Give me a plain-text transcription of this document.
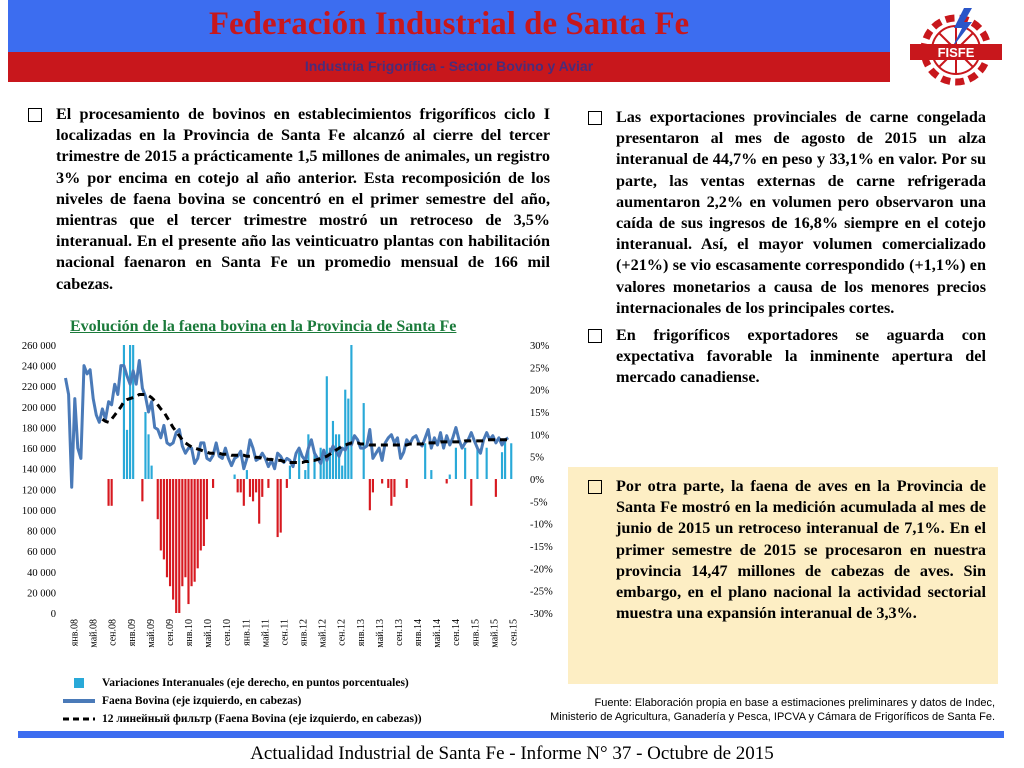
Federación Industrial de Santa Fe
Industria Frigorífica - Sector Bovino y Aviar
FISFE
El procesamiento de bovinos en establecimientos frigoríficos ciclo I localizadas en la Provincia de Santa Fe alcanzó al cierre del tercer trimestre de 2015 a prácticamente 1,5 millones de animales, un registro 3% por encima en cotejo al año anterior. Esta recomposición de los niveles de faena bovina se concentró en el primer semestre del año, mientras que el tercer trimestre mostró un retroceso de 3,5% interanual. En el presente año las veinticuatro plantas con habilitación nacional faenaron en Santa Fe un promedio mensual de 166 mil cabezas.
Las exportaciones provinciales de carne congelada presentaron al mes de agosto de 2015 un alza interanual de 44,7% en peso y 33,1% en valor. Por su parte, las ventas externas de carne refrigerada aumentaron 2,2% en volumen pero observaron una caída de sus ingresos de 16,8% siempre en el cotejo interanual. Así, el mayor volumen comercializado (+21%) se vio escasamente correspondido (+1,1%) en valores monetarios a causa de los menores precios internacionales de los principales cortes.
En frigoríficos exportadores se aguarda con expectativa favorable la inminente apertura del mercado canadiense.
Por otra parte, la faena de aves en la Provincia de Santa Fe mostró en la medición acumulada al mes de junio de 2015 un retroceso interanual de 7,1%. En el primer semestre de 2015 se procesaron en nuestra provincia 14,47 millones de cabezas de aves. Sin embargo, en el plano nacional la actividad sectorial muestra una expansión interanual de 3,3%.
Evolución de la faena bovina en la Provincia de Santa Fe
0
20 000
40 000
60 000
80 000
100 000
120 000
140 000
160 000
180 000
200 000
220 000
240 000
260 000
-30%
-25%
-20%
-15%
-10%
-5%
0%
5%
10%
15%
20%
25%
30%
янв.08 май.08 сен.08 янв.09 май.09 сен.09 янв.10 май.10 сен.10 янв.11 май.11 сен.11 янв.12 май.12 сен.12 янв.13 май.13 сен.13 янв.14 май.14 сен.14 янв.15 май.15 сен.15
Variaciones Interanuales (eje derecho, en puntos porcentuales)
Faena Bovina (eje izquierdo, en cabezas)
12 линейный фильтр (Faena Bovina (eje izquierdo, en cabezas))
Fuente: Elaboración propia en base a estimaciones preliminares y datos de Indec,
Ministerio de Agricultura, Ganadería y Pesca, IPCVA y Cámara de Frigoríficos de Santa Fe.
Actualidad Industrial de Santa Fe - Informe N° 37 - Octubre de 2015
